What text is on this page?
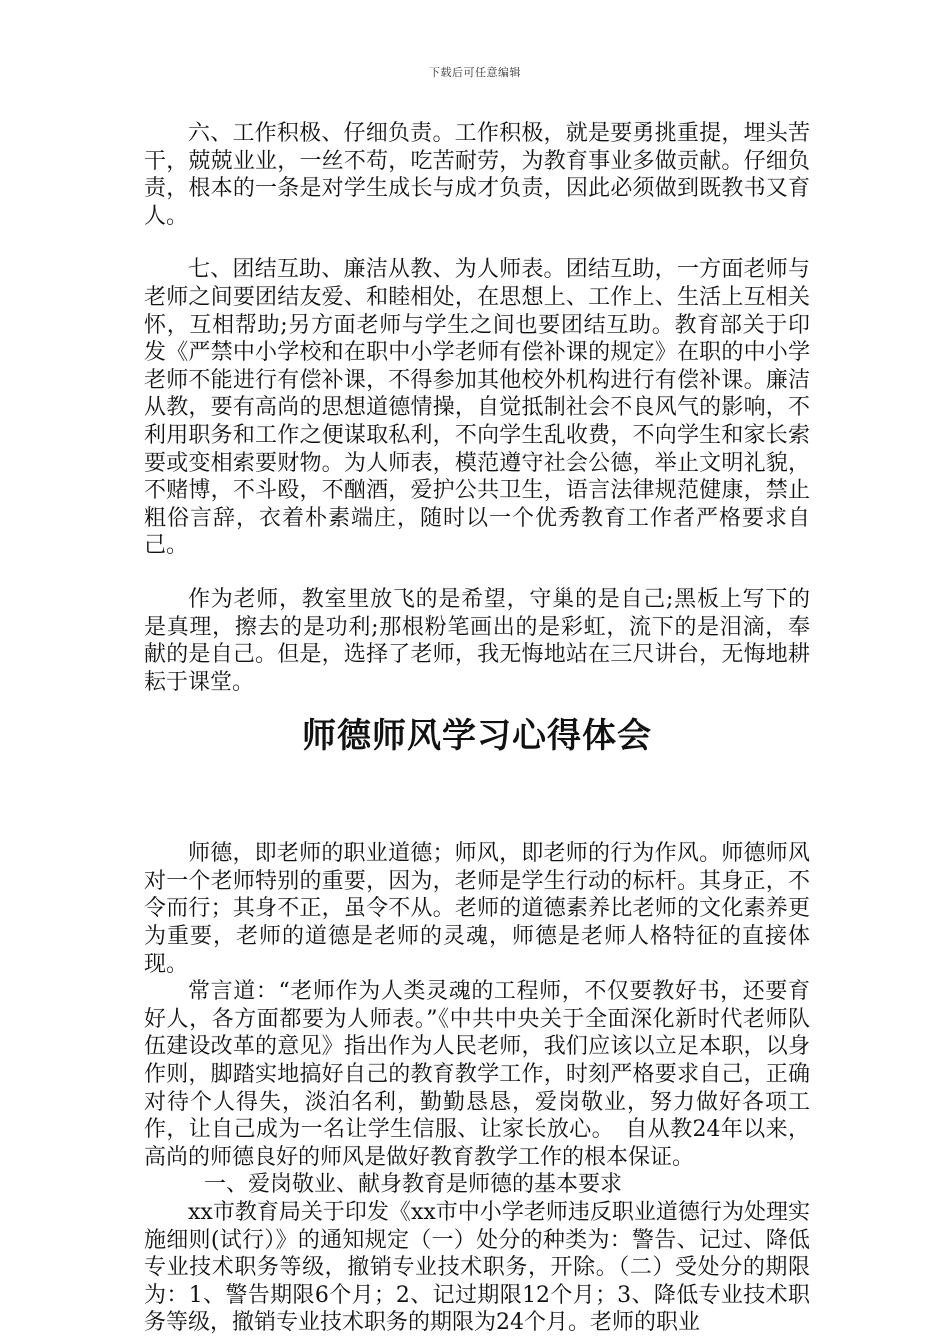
下载后可任意编辑

六、工作积极、仔细负责。工作积极，就是要勇挑重提，埋头苦干，兢兢业业，一丝不苟，吃苦耐劳，为教育事业多做贡献。仔细负责，根本的一条是对学生成长与成才负责，因此必须做到既教书又育人。

七、团结互助、廉洁从教、为人师表。团结互助，一方面老师与老师之间要团结友爱、和睦相处，在思想上、工作上、生活上互相关怀，互相帮助;另方面老师与学生之间也要团结互助。教育部关于印发《严禁中小学校和在职中小学老师有偿补课的规定》在职的中小学老师不能进行有偿补课，不得参加其他校外机构进行有偿补课。廉洁从教，要有高尚的思想道德情操，自觉抵制社会不良风气的影响，不利用职务和工作之便谋取私利，不向学生乱收费，不向学生和家长索要或变相索要财物。为人师表，模范遵守社会公德，举止文明礼貌，不赌博，不斗殴，不酗酒，爱护公共卫生，语言法律规范健康，禁止粗俗言辞，衣着朴素端庄，随时以一个优秀教育工作者严格要求自己。

作为老师，教室里放飞的是希望，守巢的是自己;黑板上写下的是真理，擦去的是功利;那根粉笔画出的是彩虹，流下的是泪滴，奉献的是自己。但是，选择了老师，我无悔地站在三尺讲台，无悔地耕耘于课堂。

师德师风学习心得体会

师德，即老师的职业道德；师风，即老师的行为作风。师德师风对一个老师特别的重要，因为，老师是学生行动的标杆。其身正，不令而行；其身不正，虽令不从。老师的道德素养比老师的文化素养更为重要，老师的道德是老师的灵魂，师德是老师人格特征的直接体现。

常言道：“老师作为人类灵魂的工程师，不仅要教好书，还要育好人，各方面都要为人师表。”《中共中央关于全面深化新时代老师队伍建设改革的意见》指出作为人民老师，我们应该以立足本职，以身作则，脚踏实地搞好自己的教育教学工作，时刻严格要求自己，正确对待个人得失，淡泊名利，勤勤恳恳，爱岗敬业，努力做好各项工作，让自己成为一名让学生信服、让家长放心。　自从教24年以来，高尚的师德良好的师风是做好教育教学工作的根本保证。

一、爱岗敬业、献身教育是师德的基本要求

xx市教育局关于印发《xx市中小学老师违反职业道德行为处理实施细则(试行）》的通知规定（一）处分的种类为：警告、记过、降低专业技术职务等级，撤销专业技术职务，开除。（二）受处分的期限为：1、警告期限6个月；2、记过期限12个月；3、降低专业技术职务等级，撤销专业技术职务的期限为24个月。老师的职业
